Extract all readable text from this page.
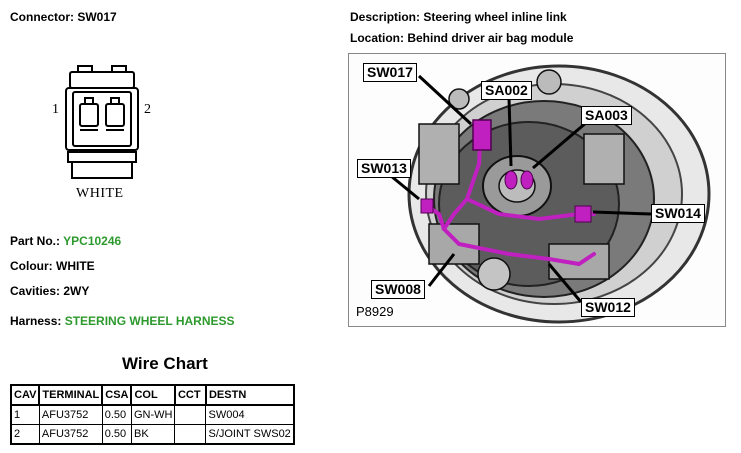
Connector: SW017	Description: Steering wheel inline link
Location: Behind driver air bag module
1	2
WHITE
Part No.: YPC10246
Colour: WHITE
Cavities: 2WY
Harness: STEERING WHEEL HARNESS
SW017
SA002
SA003
SW013
SW014
SW008
SW012
P8929
Wire Chart
CAV	TERMINAL	CSA	COL	CCT	DESTN
1	AFU3752	0.50	GN-WH		SW004
2	AFU3752	0.50	BK		S/JOINT SWS02
